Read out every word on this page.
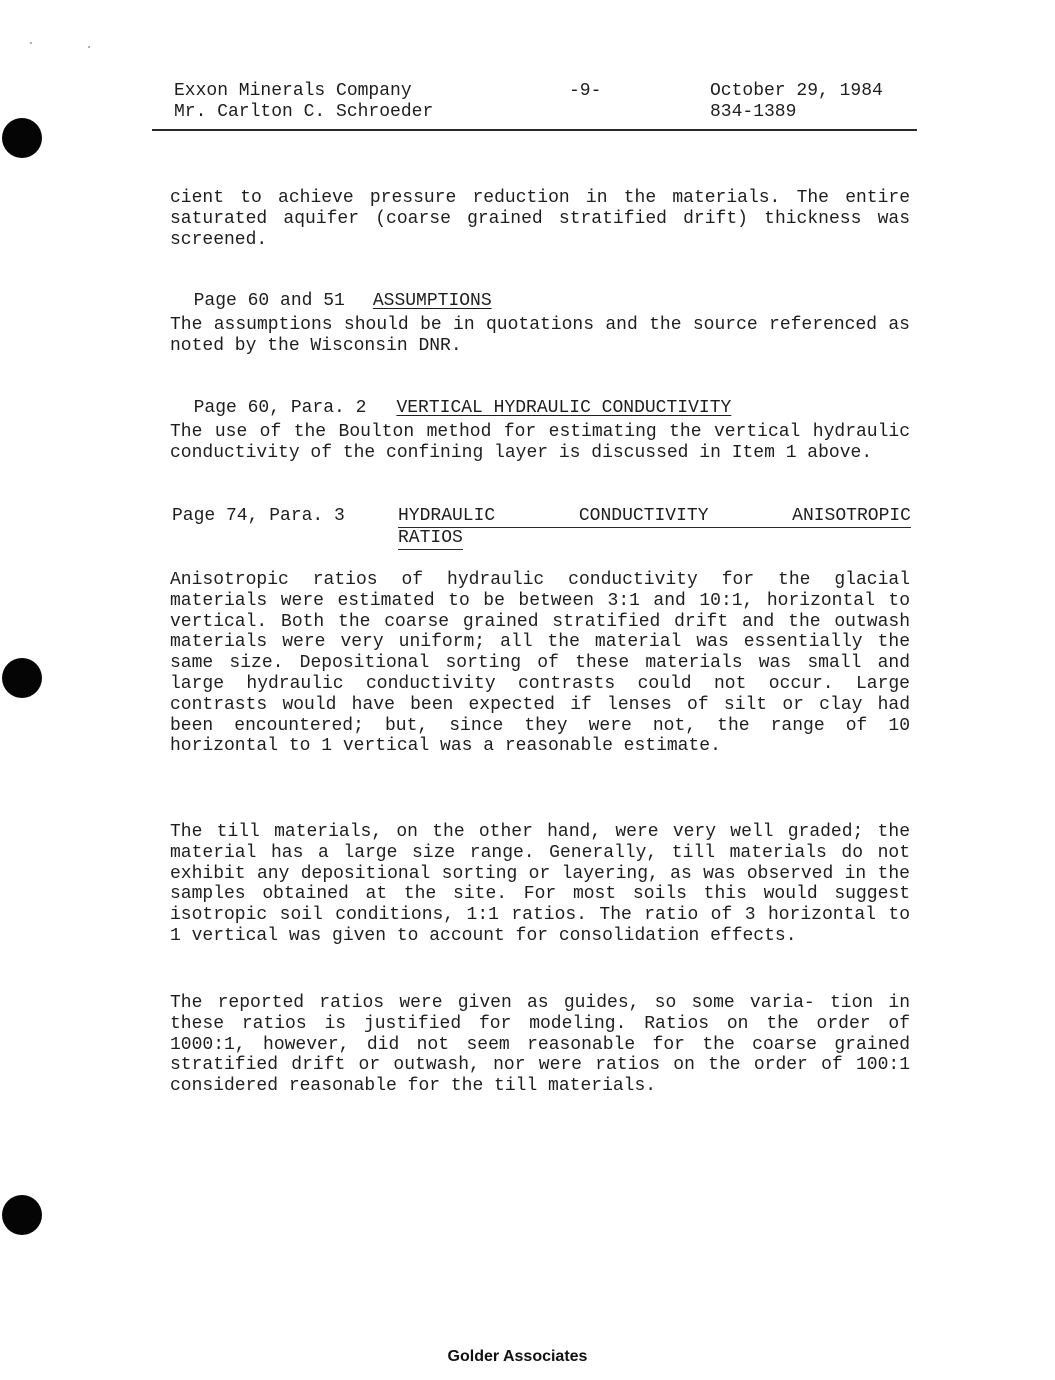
Exxon Minerals Company
Mr. Carlton C. Schroeder
-9-	October 29, 1984
834-1389
cient to achieve pressure reduction in the materials. The entire saturated aquifer (coarse grained stratified drift) thickness was screened.

Page 60 and 51 ASSUMPTIONS

The assumptions should be in quotations and the source referenced as noted by the Wisconsin DNR.

Page 60, Para. 2 VERTICAL HYDRAULIC CONDUCTIVITY

The use of the Boulton method for estimating the vertical hydraulic conductivity of the confining layer is discussed in Item 1 above.
Page 74, Para. 3	HYDRAULIC	CONDUCTIVITY	ANISOTROPIC
RATIOS
Anisotropic ratios of hydraulic conductivity for the glacial materials were estimated to be between 3:1 and 10:1, horizontal to vertical. Both the coarse grained stratified drift and the outwash materials were very uniform; all the material was essentially the same size. Depositional sorting of these materials was small and large hydraulic conductivity contrasts could not occur. Large contrasts would have been expected if lenses of silt or clay had been encountered; but, since they were not, the range of 10 horizontal to 1 vertical was a reasonable estimate.
The till materials, on the other hand, were very well graded; the material has a large size range. Generally, till materials do not exhibit any depositional sorting or layering, as was observed in the samples obtained at the site. For most soils this would suggest isotropic soil conditions, 1:1 ratios. The ratio of 3 horizontal to 1 vertical was given to account for consolidation effects.
The reported ratios were given as guides, so some varia- tion in these ratios is justified for modeling. Ratios on the order of 1000:1, however, did not seem reasonable for the coarse grained stratified drift or outwash, nor were ratios on the order of 100:1 considered reasonable for the till materials.
Golder Associates
